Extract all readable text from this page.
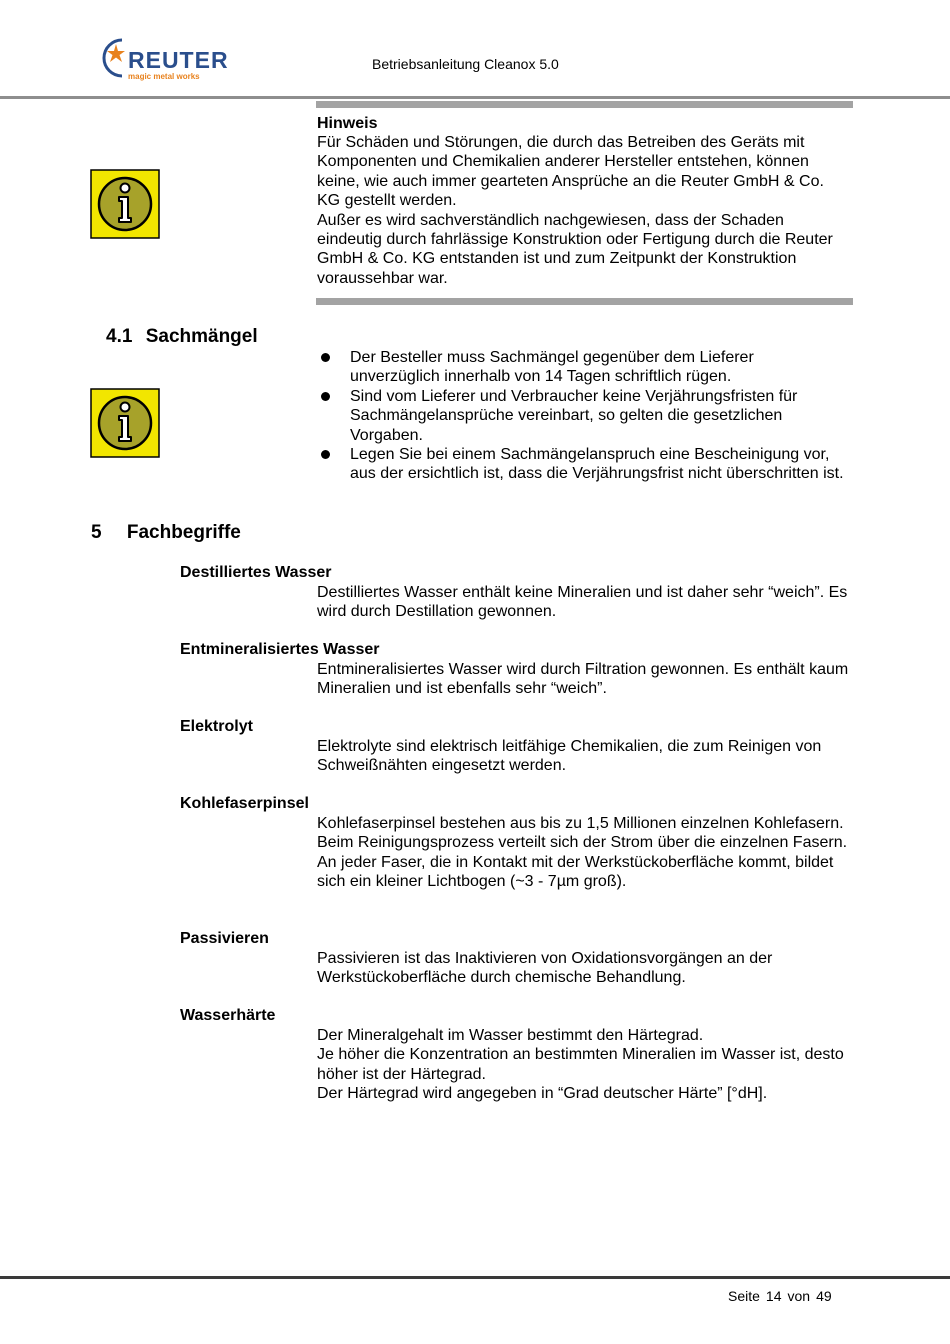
REUTER
magic metal works
Betriebsanleitung Cleanox 5.0
Hinweis

Für Schäden und Störungen, die durch das Betreiben des Geräts mit Komponenten und Chemikalien anderer Hersteller entstehen, können keine, wie auch immer gearteten Ansprüche an die Reuter GmbH & Co. KG gestellt werden.

Außer es wird sachverständlich nachgewiesen, dass der Schaden eindeutig durch fahrlässige Konstruktion oder Fertigung durch die Reuter GmbH & Co. KG entstanden ist und zum Zeitpunkt der Konstruktion voraussehbar war.

4.1 Sachmängel
Der Besteller muss Sachmängel gegenüber dem Lieferer unverzüglich innerhalb von 14 Tagen schriftlich rügen.
Sind vom Lieferer und Verbraucher keine Verjährungsfristen für Sachmängelansprüche vereinbart, so gelten die gesetzlichen Vorgaben.
Legen Sie bei einem Sachmängelanspruch eine Bescheinigung vor, aus der ersichtlich ist, dass die Verjährungsfrist nicht überschritten ist.
5 Fachbegriffe
Destilliertes Wasser

Destilliertes Wasser enthält keine Mineralien und ist daher sehr “weich”. Es wird durch Destillation gewonnen.

Entmineralisiertes Wasser

Entmineralisiertes Wasser wird durch Filtration gewonnen. Es enthält kaum Mineralien und ist ebenfalls sehr “weich”.

Elektrolyt

Elektrolyte sind elektrisch leitfähige Chemikalien, die zum Reinigen von Schweißnähten eingesetzt werden.

Kohlefaserpinsel

Kohlefaserpinsel bestehen aus bis zu 1,5 Millionen einzelnen Kohlefasern. Beim Reinigungsprozess verteilt sich der Strom über die einzelnen Fasern.

An jeder Faser, die in Kontakt mit der Werkstückoberfläche kommt, bildet sich ein kleiner Lichtbogen (~3 - 7µm groß).

Passivieren

Passivieren ist das Inaktivieren von Oxidationsvorgängen an der Werkstückoberfläche durch chemische Behandlung.

Wasserhärte

Der Mineralgehalt im Wasser bestimmt den Härtegrad.

Je höher die Konzentration an bestimmten Mineralien im Wasser ist, desto höher ist der Härtegrad.

Der Härtegrad wird angegeben in “Grad deutscher Härte” [°dH].

Seite 14 von 49
